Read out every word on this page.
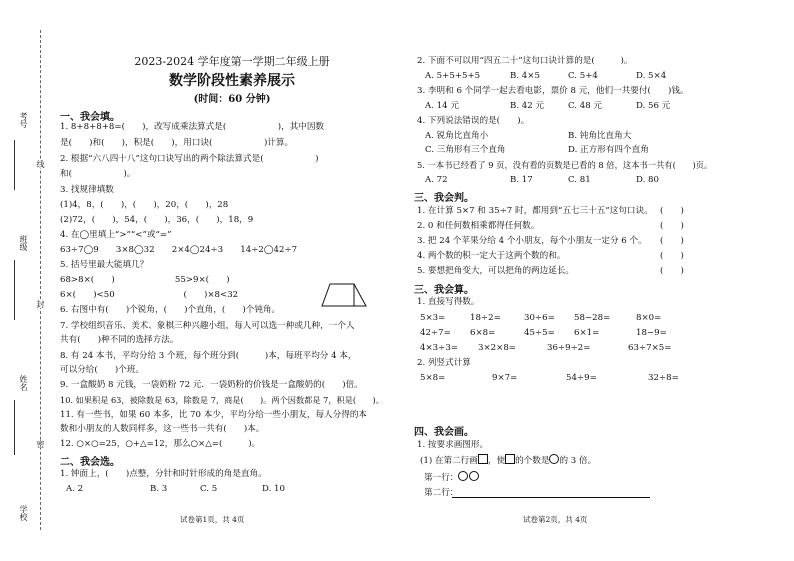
考号
班级
姓名
学校
线
封
密
2023-2024 学年度第一学期二年级上册
数学阶段性素养展示
(时间：60 分钟)
一、我会填。
1. 8+8+8+8=(　　)，改写成乘法算式是(　　　　　　)，其中因数
是(　　)和(　　)，积是(　　)，用口诀(　　　　　　)计算。
2. 根据“六八四十八”这句口诀写出的两个除法算式是(　　　　　　)
和(　　　　　　)。
3. 找规律填数
(1)4，8，(　　)，(　　)，20，(　　)，28
(2)72，(　　)，54，(　　)，36，(　　)，18，9
4. 在◯里填上“>”“<”或“=”
63÷7◯9　　3×8◯32　　2×4◯24÷3　　14÷2◯42÷7
5. 括号里最大能填几？
68>8×(　　)　　　　　　　55>9×(　　)
6×(　　)<50　　　　　　　　(　　)×8<32
6. 右图中有(　　)个锐角，(　　)个直角，(　　)个钝角。
7. 学校组织音乐、美术、象棋三种兴趣小组，每人可以选一种或几种，一个人
共有(　　)种不同的选择方法。
8. 有 24 本书，平均分给 3 个班，每个班分到(　　　)本，每班平均分 4 本，
可以分给(　　)个班。
9. 一盒酸奶 8 元钱，一袋奶粉 72 元．一袋奶粉的价钱是一盒酸奶的(　　)倍。
10. 如果积是 63，被除数是 63，除数是 7，商是(　　)。两个因数都是 7，积是(　　)。
11. 有一些书，如果 60 本多，比 70 本少，平均分给一些小朋友，每人分得的本
数和小朋友的人数同样多，这一些书一共有(　　)本。
12. ○×○=25，○+△=12，那么○×△=(　　　)。
二、我会选。
1. 钟面上，(　　)点整，分针和时针形成的角是直角。
A. 2	B. 3	C. 5	D. 10
试卷第1页，共 4页
2. 下面不可以用“四五二十”这句口诀计算的是(　　　)。
A. 5+5+5+5	B. 4×5	C. 5+4	D. 5×4
3. 李明和 6 个同学一起去看电影，票价 8 元，他们一共要付(　　)钱。
A. 14 元	B. 42 元	C. 48 元	D. 56 元
4. 下列说法错误的是(　　)。
A. 锐角比直角小	B. 钝角比直角大
C. 三角形有三个直角	D. 正方形有四个直角
5. 一本书已经看了 9 页，没有看的页数是已看的 8 倍，这本书一共有(　　)页。
A. 72	B. 17	C. 81	D. 80
三、我会判。
1. 在计算 5×7 和 35÷7 时，都用到“五七三十五”这句口诀。 (　　)
2. 0 和任何数相乘都得任何数。	(　　)
3. 把 24 个苹果分给 4 个小朋友，每个小朋友一定分 6 个。 (　　)
4. 两个数的积一定大于这两个数的和。	(　　)
5. 要想把角变大，可以把角的两边延长。	(　　)
三、我会算。
1. 直接写得数。
5×3=	18÷2=	30÷6= 58−28=	8×0=
42÷7= 6×8=	45÷5= 6×1=	18−9=
4×3÷3= 3×2×8=	36÷9÷2=	63÷7×5=
2. 列竖式计算
5×8=	9×7=	54÷9=	32÷8=
四、我会画。
1. 按要求画图形。
(1) 在第二行画 ，使 的个数是 的 3 倍。
第一行：
第二行：
试卷第2页，共 4页
